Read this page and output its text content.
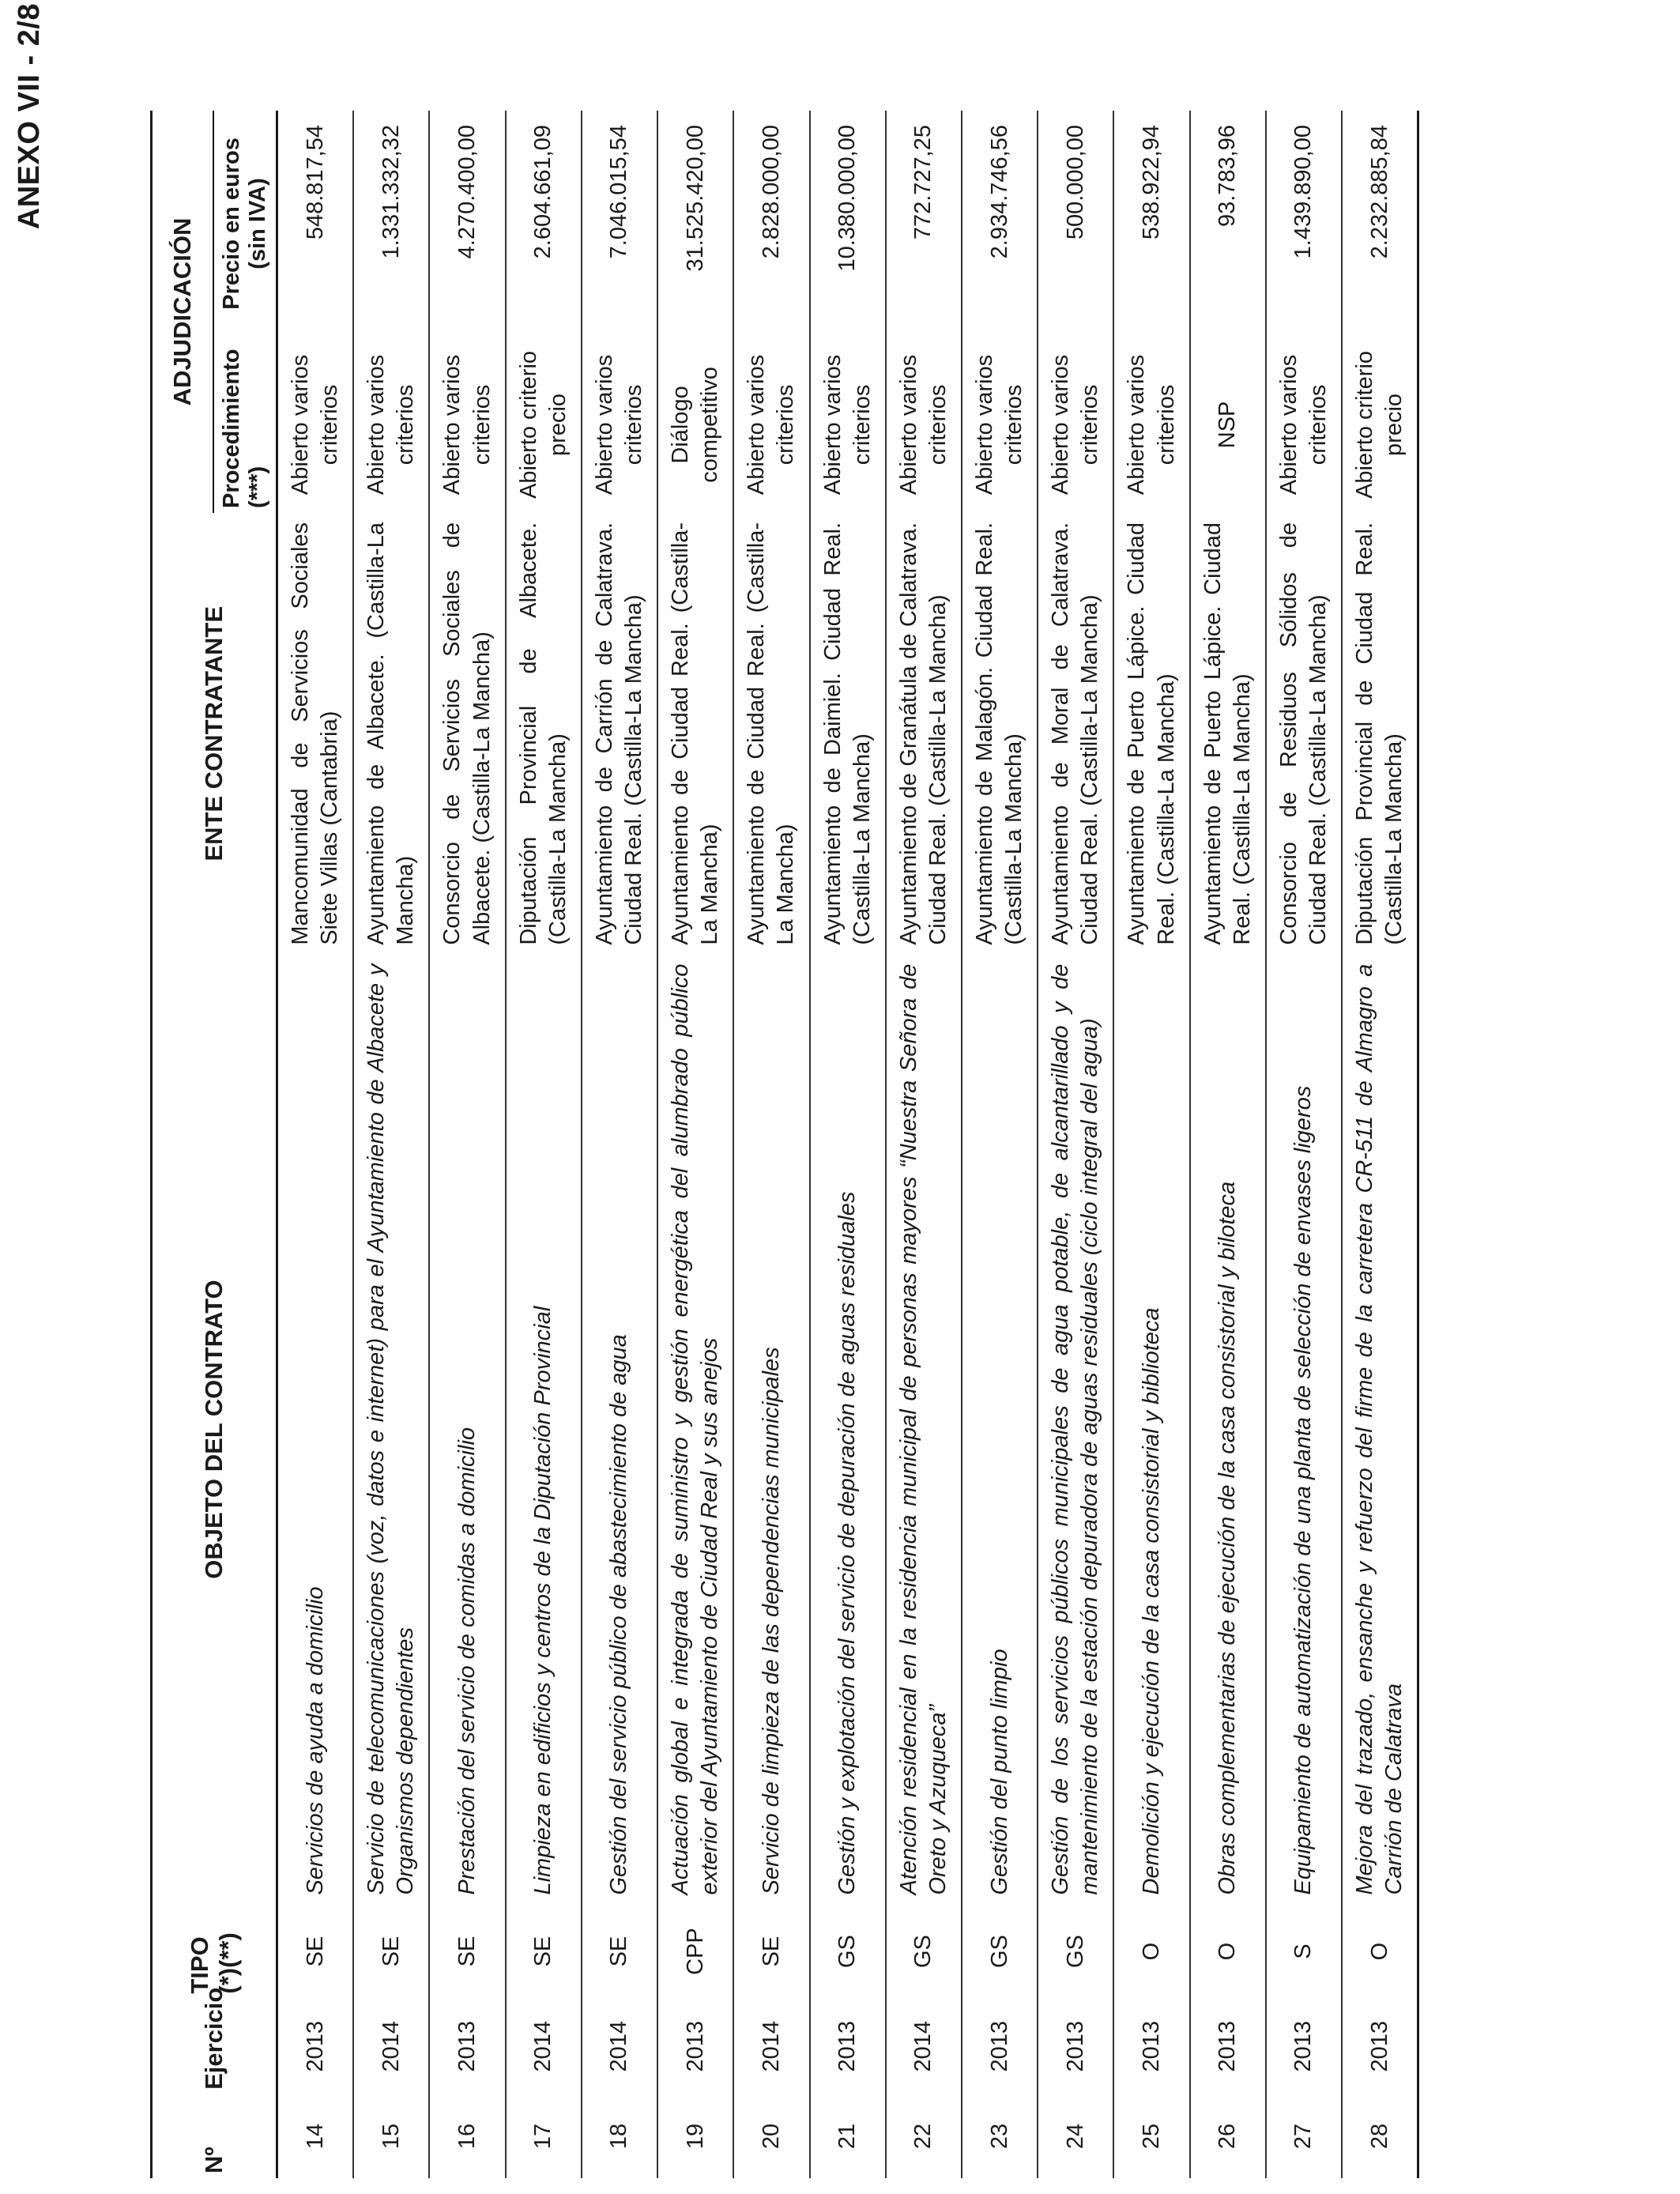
ANEXO VII - 2/8
Nº	Ejercicio	TIPO (*)(**)	OBJETO DEL CONTRATO	ENTE CONTRATANTE	ADJUDICACIÓN	
					Procedimiento (***)	Precio en euros (sin IVA)
14	2013	SE	Servicios de ayuda a domicilio	Mancomunidad de Servicios Sociales Siete Villas (Cantabria)	Abierto varios criterios	548.817,54
15	2014	SE	Servicio de telecomunicaciones (voz, datos e internet) para el Ayuntamiento de Albacete y Organismos dependientes	Ayuntamiento de Albacete. (Castilla-La Mancha)	Abierto varios criterios	1.331.332,32
16	2013	SE	Prestación del servicio de comidas a domicilio	Consorcio de Servicios Sociales de Albacete. (Castilla-La Mancha)	Abierto varios criterios	4.270.400,00
17	2014	SE	Limpieza en edificios y centros de la Diputación Provincial	Diputación Provincial de Albacete. (Castilla-La Mancha)	Abierto criterio precio	2.604.661,09
18	2014	SE	Gestión del servicio público de abastecimiento de agua	Ayuntamiento de Carrión de Calatrava. Ciudad Real. (Castilla-La Mancha)	Abierto varios criterios	7.046.015,54
19	2013	CPP	Actuación global e integrada de suministro y gestión energética del alumbrado público exterior del Ayuntamiento de Ciudad Real y sus anejos	Ayuntamiento de Ciudad Real. (Castilla-La Mancha)	Diálogo competitivo	31.525.420,00
20	2014	SE	Servicio de limpieza de las dependencias municipales	Ayuntamiento de Ciudad Real. (Castilla-La Mancha)	Abierto varios criterios	2.828.000,00
21	2013	GS	Gestión y explotación del servicio de depuración de aguas residuales	Ayuntamiento de Daimiel. Ciudad Real. (Castilla-La Mancha)	Abierto varios criterios	10.380.000,00
22	2014	GS	Atención residencial en la residencia municipal de personas mayores “Nuestra Señora de Oreto y Azuqueca”	Ayuntamiento de Granátula de Calatrava. Ciudad Real. (Castilla-La Mancha)	Abierto varios criterios	772.727,25
23	2013	GS	Gestión del punto limpio	Ayuntamiento de Malagón. Ciudad Real. (Castilla-La Mancha)	Abierto varios criterios	2.934.746,56
24	2013	GS	Gestión de los servicios públicos municipales de agua potable, de alcantarillado y de mantenimiento de la estación depuradora de aguas residuales (ciclo integral del agua)	Ayuntamiento de Moral de Calatrava. Ciudad Real. (Castilla-La Mancha)	Abierto varios criterios	500.000,00
25	2013	O	Demolición y ejecución de la casa consistorial y biblioteca	Ayuntamiento de Puerto Lápice. Ciudad Real. (Castilla-La Mancha)	Abierto varios criterios	538.922,94
26	2013	O	Obras complementarias de ejecución de la casa consistorial y biloteca	Ayuntamiento de Puerto Lápice. Ciudad Real. (Castilla-La Mancha)	NSP	93.783,96
27	2013	S	Equipamiento de automatización de una planta de selección de envases ligeros	Consorcio de Residuos Sólidos de Ciudad Real. (Castilla-La Mancha)	Abierto varios criterios	1.439.890,00
28	2013	O	Mejora del trazado, ensanche y refuerzo del firme de la carretera CR-511 de Almagro a Carrión de Calatrava	Diputación Provincial de Ciudad Real. (Castilla-La Mancha)	Abierto criterio precio	2.232.885,84
